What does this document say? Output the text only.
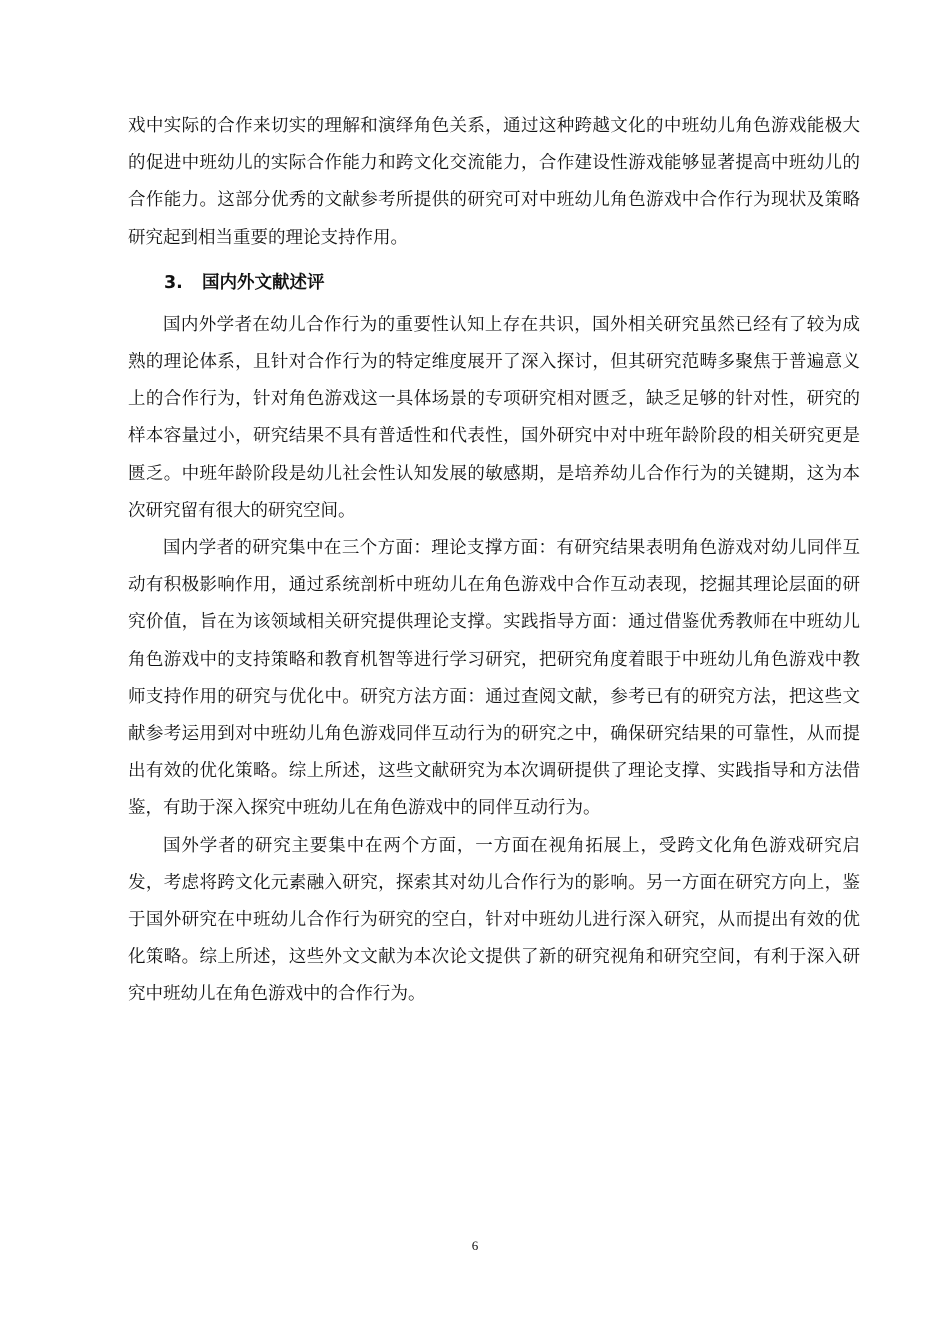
戏中实际的合作来切实的理解和演绎角色关系，通过这种跨越文化的中班幼儿角色游戏能极大的促进中班幼儿的实际合作能力和跨文化交流能力，合作建设性游戏能够显著提高中班幼儿的合作能力。这部分优秀的文献参考所提供的研究可对中班幼儿角色游戏中合作行为现状及策略研究起到相当重要的理论支持作用。

3. 国内外文献述评

国内外学者在幼儿合作行为的重要性认知上存在共识，国外相关研究虽然已经有了较为成熟的理论体系，且针对合作行为的特定维度展开了深入探讨，但其研究范畴多聚焦于普遍意义上的合作行为，针对角色游戏这一具体场景的专项研究相对匮乏，缺乏足够的针对性，研究的样本容量过小，研究结果不具有普适性和代表性，国外研究中对中班年龄阶段的相关研究更是匮乏。中班年龄阶段是幼儿社会性认知发展的敏感期，是培养幼儿合作行为的关键期，这为本次研究留有很大的研究空间。

国内学者的研究集中在三个方面：理论支撑方面：有研究结果表明角色游戏对幼儿同伴互动有积极影响作用，通过系统剖析中班幼儿在角色游戏中合作互动表现，挖掘其理论层面的研究价值，旨在为该领域相关研究提供理论支撑。实践指导方面：通过借鉴优秀教师在中班幼儿角色游戏中的支持策略和教育机智等进行学习研究，把研究角度着眼于中班幼儿角色游戏中教师支持作用的研究与优化中。研究方法方面：通过查阅文献，参考已有的研究方法，把这些文献参考运用到对中班幼儿角色游戏同伴互动行为的研究之中，确保研究结果的可靠性，从而提出有效的优化策略。综上所述，这些文献研究为本次调研提供了理论支撑、实践指导和方法借鉴，有助于深入探究中班幼儿在角色游戏中的同伴互动行为。

国外学者的研究主要集中在两个方面，一方面在视角拓展上，受跨文化角色游戏研究启发，考虑将跨文化元素融入研究，探索其对幼儿合作行为的影响。另一方面在研究方向上，鉴于国外研究在中班幼儿合作行为研究的空白，针对中班幼儿进行深入研究，从而提出有效的优化策略。综上所述，这些外文文献为本次论文提供了新的研究视角和研究空间，有利于深入研究中班幼儿在角色游戏中的合作行为。

6
